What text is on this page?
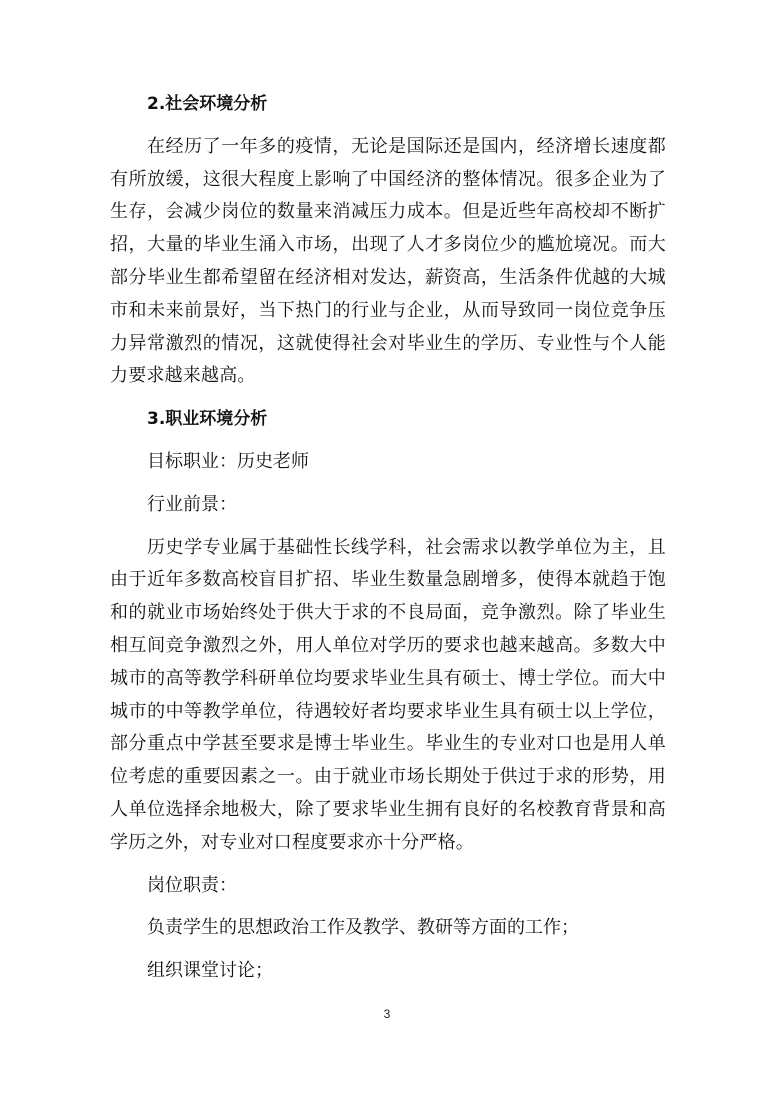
2.社会环境分析

在经历了一年多的疫情，无论是国际还是国内，经济增长速度都有所放缓，这很大程度上影响了中国经济的整体情况。很多企业为了生存，会减少岗位的数量来消减压力成本。但是近些年高校却不断扩招，大量的毕业生涌入市场，出现了人才多岗位少的尴尬境况。而大部分毕业生都希望留在经济相对发达，薪资高，生活条件优越的大城市和未来前景好，当下热门的行业与企业，从而导致同一岗位竞争压力异常激烈的情况，这就使得社会对毕业生的学历、专业性与个人能力要求越来越高。

3.职业环境分析

目标职业：历史老师

行业前景：

历史学专业属于基础性长线学科，社会需求以教学单位为主，且由于近年多数高校盲目扩招、毕业生数量急剧增多，使得本就趋于饱和的就业市场始终处于供大于求的不良局面，竞争激烈。除了毕业生相互间竞争激烈之外，用人单位对学历的要求也越来越高。多数大中城市的高等教学科研单位均要求毕业生具有硕士、博士学位。而大中城市的中等教学单位，待遇较好者均要求毕业生具有硕士以上学位，部分重点中学甚至要求是博士毕业生。毕业生的专业对口也是用人单位考虑的重要因素之一。由于就业市场长期处于供过于求的形势，用人单位选择余地极大，除了要求毕业生拥有良好的名校教育背景和高学历之外，对专业对口程度要求亦十分严格。

岗位职责：

负责学生的思想政治工作及教学、教研等方面的工作；

组织课堂讨论；

3
